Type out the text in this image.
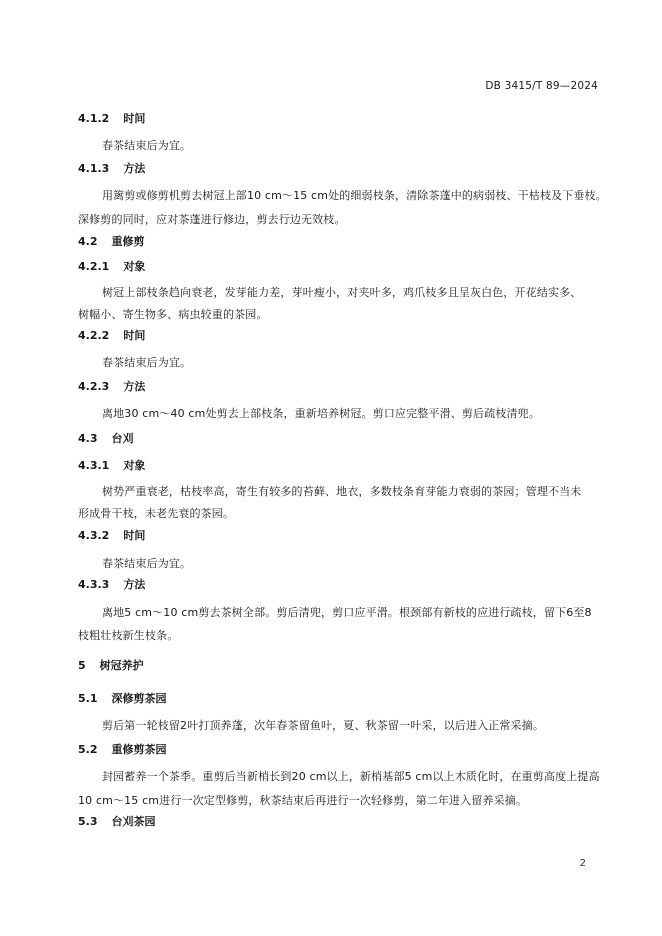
DB 3415/T 89—2024
4.1.2 时间
春茶结束后为宜。
4.1.3 方法
用篱剪或修剪机剪去树冠上部10 cm～15 cm处的细弱枝条，清除茶蓬中的病弱枝、干枯枝及下垂枝。
深修剪的同时，应对茶蓬进行修边，剪去行边无效枝。
4.2 重修剪
4.2.1 对象
树冠上部枝条趋向衰老，发芽能力差，芽叶瘦小，对夹叶多，鸡爪枝多且呈灰白色，开花结实多、
树幅小、寄生物多、病虫较重的茶园。
4.2.2 时间
春茶结束后为宜。
4.2.3 方法
离地30 cm～40 cm处剪去上部枝条，重新培养树冠。剪口应完整平滑、剪后疏枝清兜。
4.3 台刈
4.3.1 对象
树势严重衰老，枯枝率高，寄生有较多的苔藓、地衣，多数枝条育芽能力衰弱的茶园；管理不当未
形成骨干枝，未老先衰的茶园。
4.3.2 时间
春茶结束后为宜。
4.3.3 方法
离地5 cm～10 cm剪去茶树全部。剪后清兜，剪口应平滑。根颈部有新枝的应进行疏枝，留下6至8
枝粗壮枝新生枝条。
5 树冠养护
5.1 深修剪茶园
剪后第一轮枝留2叶打顶养蓬，次年春茶留鱼叶，夏、秋茶留一叶采，以后进入正常采摘。
5.2 重修剪茶园
封园蓄养一个茶季。重剪后当新梢长到20 cm以上，新梢基部5 cm以上木质化时，在重剪高度上提高
10 cm～15 cm进行一次定型修剪，秋茶结束后再进行一次轻修剪，第二年进入留养采摘。
5.3 台刈茶园
2
